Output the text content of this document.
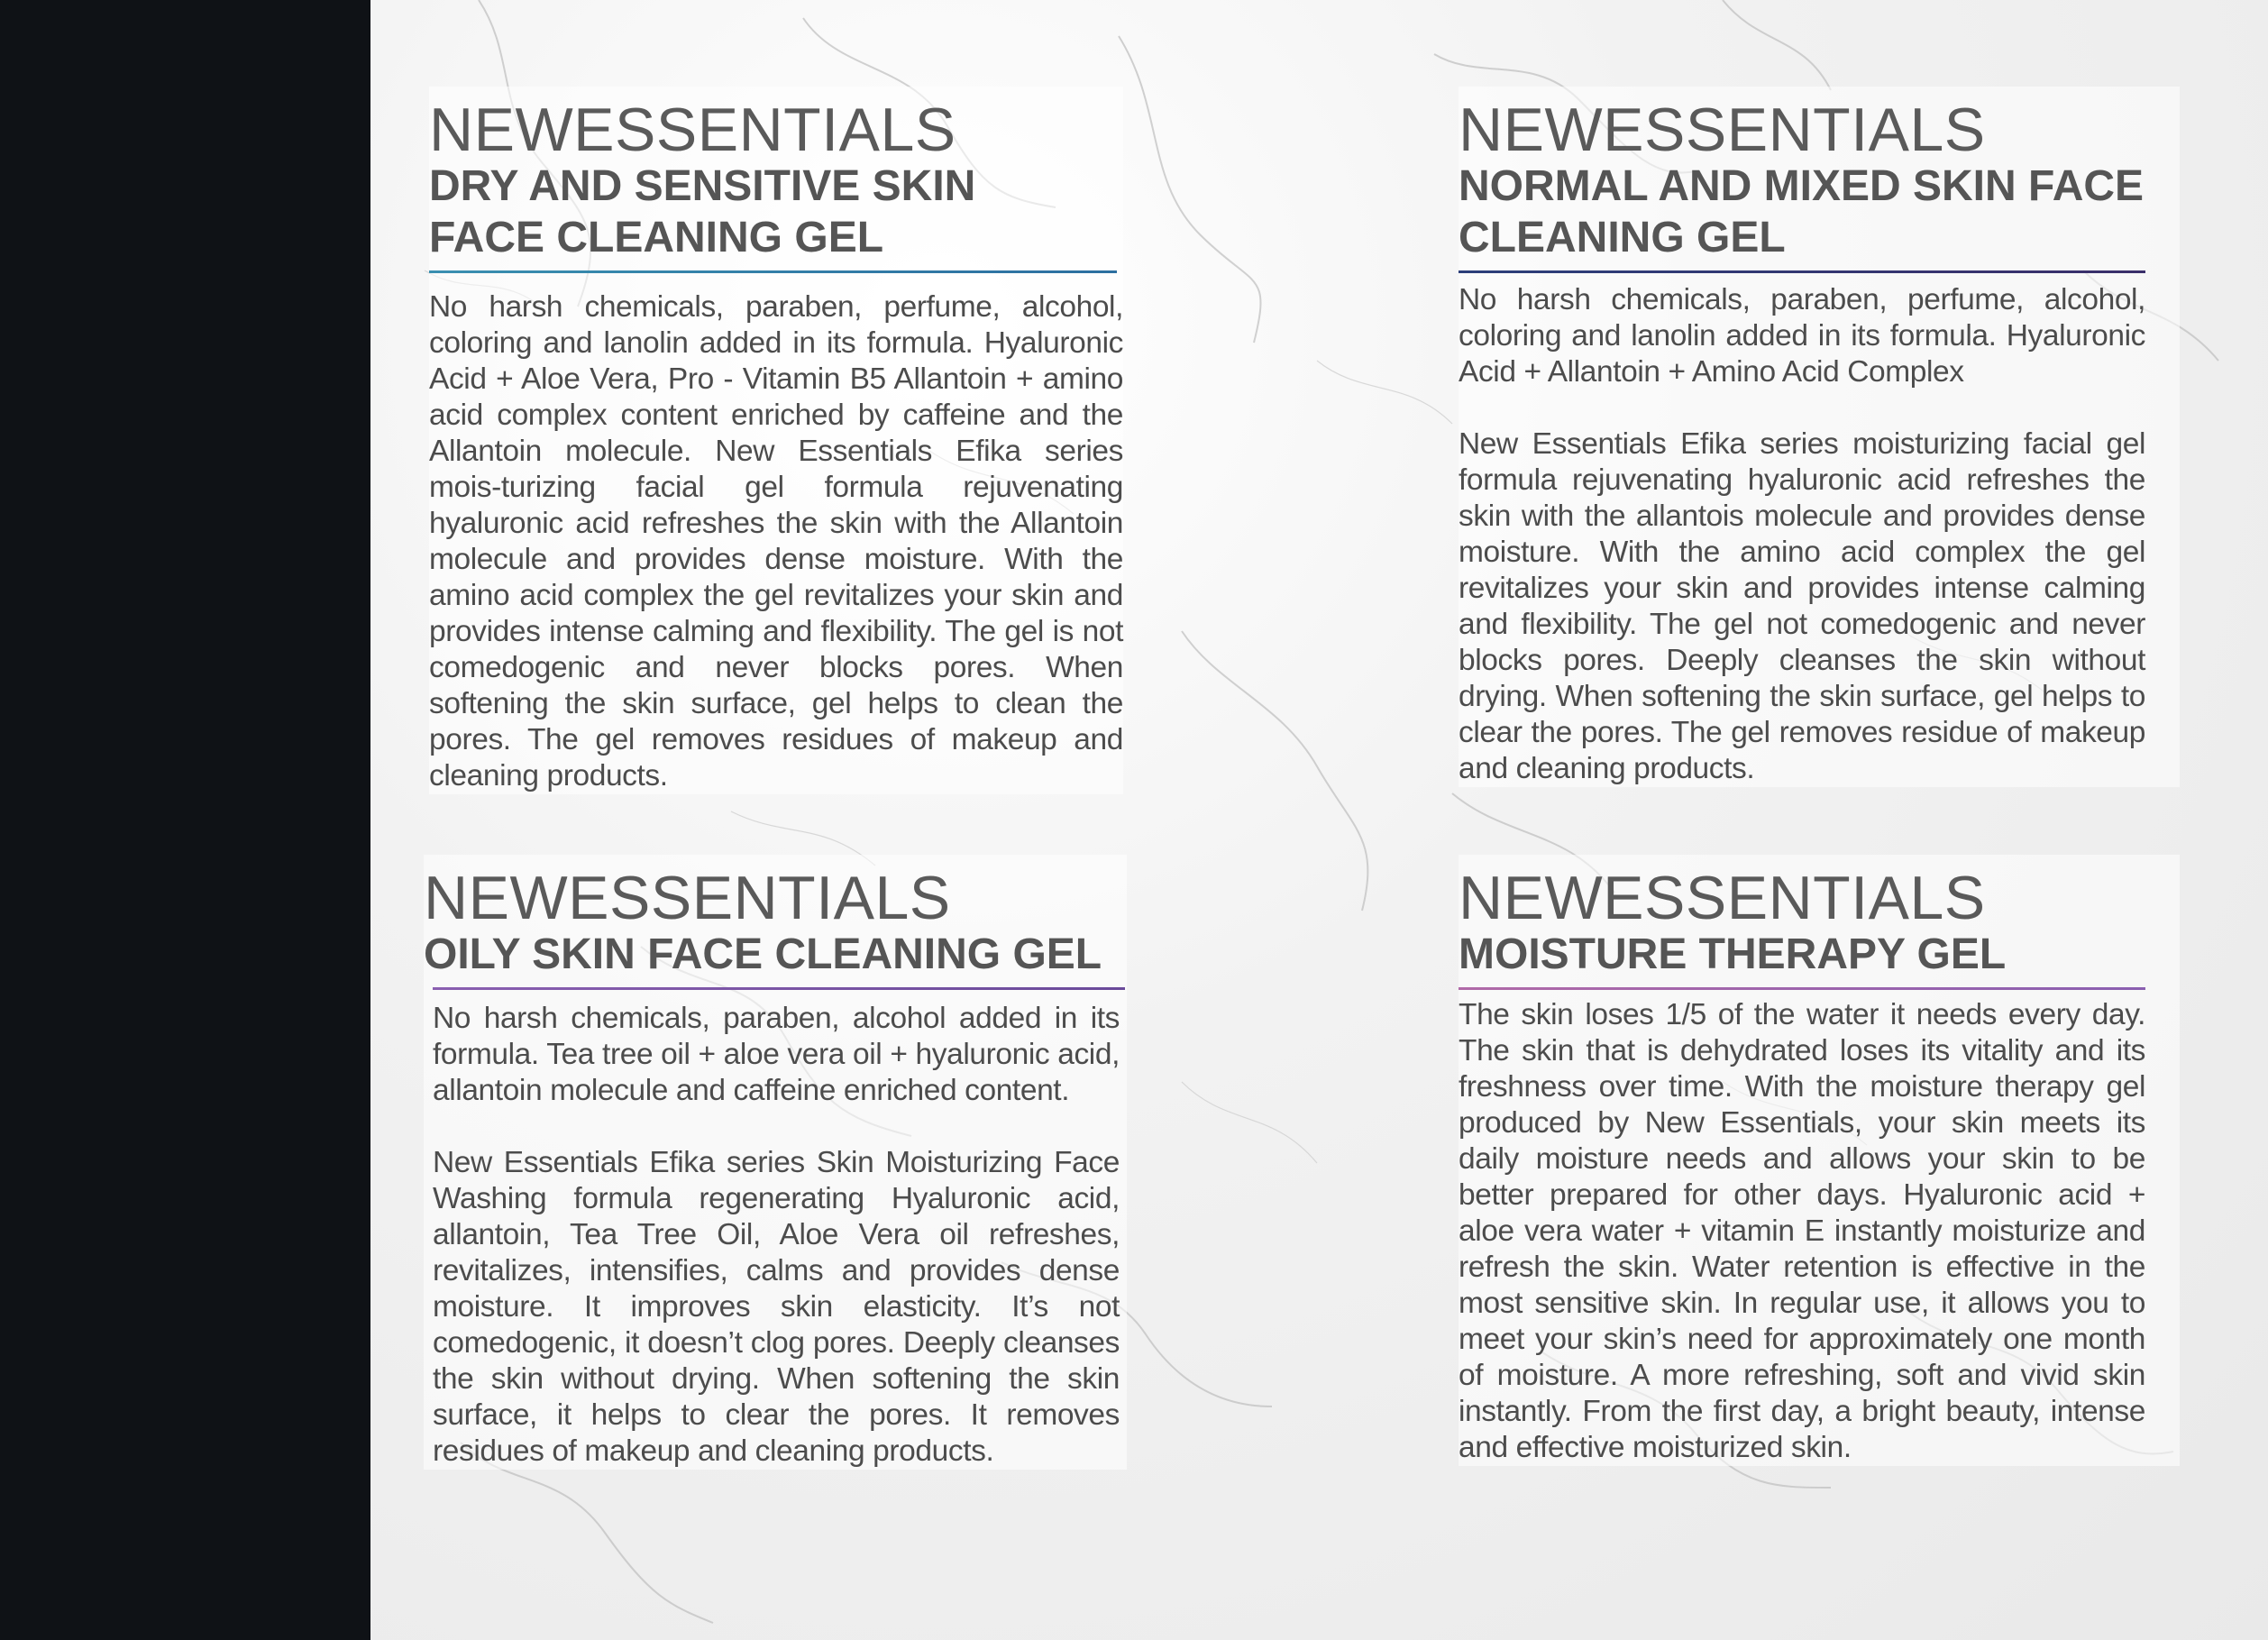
NEWESSENTIALS
DRY AND SENSITIVE SKIN
FACE CLEANING GEL

No harsh chemicals, paraben, perfume, alcohol, coloring and lanolin added in its formula. Hyaluronic Acid + Aloe Vera, Pro - Vitamin B5 Allantoin + amino acid complex content enriched by caffeine and the Allantoin molecule. New Essentials Efika series mois-turizing facial gel formula rejuvenating hyaluronic acid refreshes the skin with the Allantoin molecule and provides dense moisture. With the amino acid complex the gel revitalizes your skin and provides intense calming and flexibility. The gel is not comedogenic and never blocks pores. When softening the skin surface, gel helps to clean the pores. The gel removes residues of makeup and cleaning products.

NEWESSENTIALS
NORMAL AND MIXED SKIN FACE
CLEANING GEL

No harsh chemicals, paraben, perfume, alcohol, coloring and lanolin added in its formula. Hyaluronic Acid + Allantoin + Amino Acid Complex

New Essentials Efika series moisturizing facial gel formula rejuvenating hyaluronic acid refreshes the skin with the allantois molecule and provides dense moisture. With the amino acid complex the gel revitalizes your skin and provides intense calming and flexibility. The gel not comedogenic and never blocks pores. Deeply cleanses the skin without drying. When softening the skin surface, gel helps to clear the pores. The gel removes residue of makeup and cleaning products.

NEWESSENTIALS
OILY SKIN FACE CLEANING GEL

No harsh chemicals, paraben, alcohol added in its formula. Tea tree oil + aloe vera oil + hyaluronic acid, allantoin molecule and caffeine enriched content.

New Essentials Efika series Skin Moisturizing Face Washing formula regenerating Hyaluronic acid, allantoin, Tea Tree Oil, Aloe Vera oil refreshes, revitalizes, intensifies, calms and provides dense moisture. It improves skin elasticity. It’s not comedogenic, it doesn’t clog pores. Deeply cleanses the skin without drying. When softening the skin surface, it helps to clear the pores. It removes residues of makeup and cleaning products.

NEWESSENTIALS
MOISTURE THERAPY GEL

The skin loses 1/5 of the water it needs every day. The skin that is dehydrated loses its vitality and its freshness over time. With the moisture therapy gel produced by New Essentials, your skin meets its daily moisture needs and allows your skin to be better prepared for other days. Hyaluronic acid + aloe vera water + vitamin E instantly moisturize and refresh the skin. Water retention is effective in the most sensitive skin. In regular use, it allows you to meet your skin’s need for approximately one month of moisture. A more refreshing, soft and vivid skin instantly. From the first day, a bright beauty, intense and effective moisturized skin.
